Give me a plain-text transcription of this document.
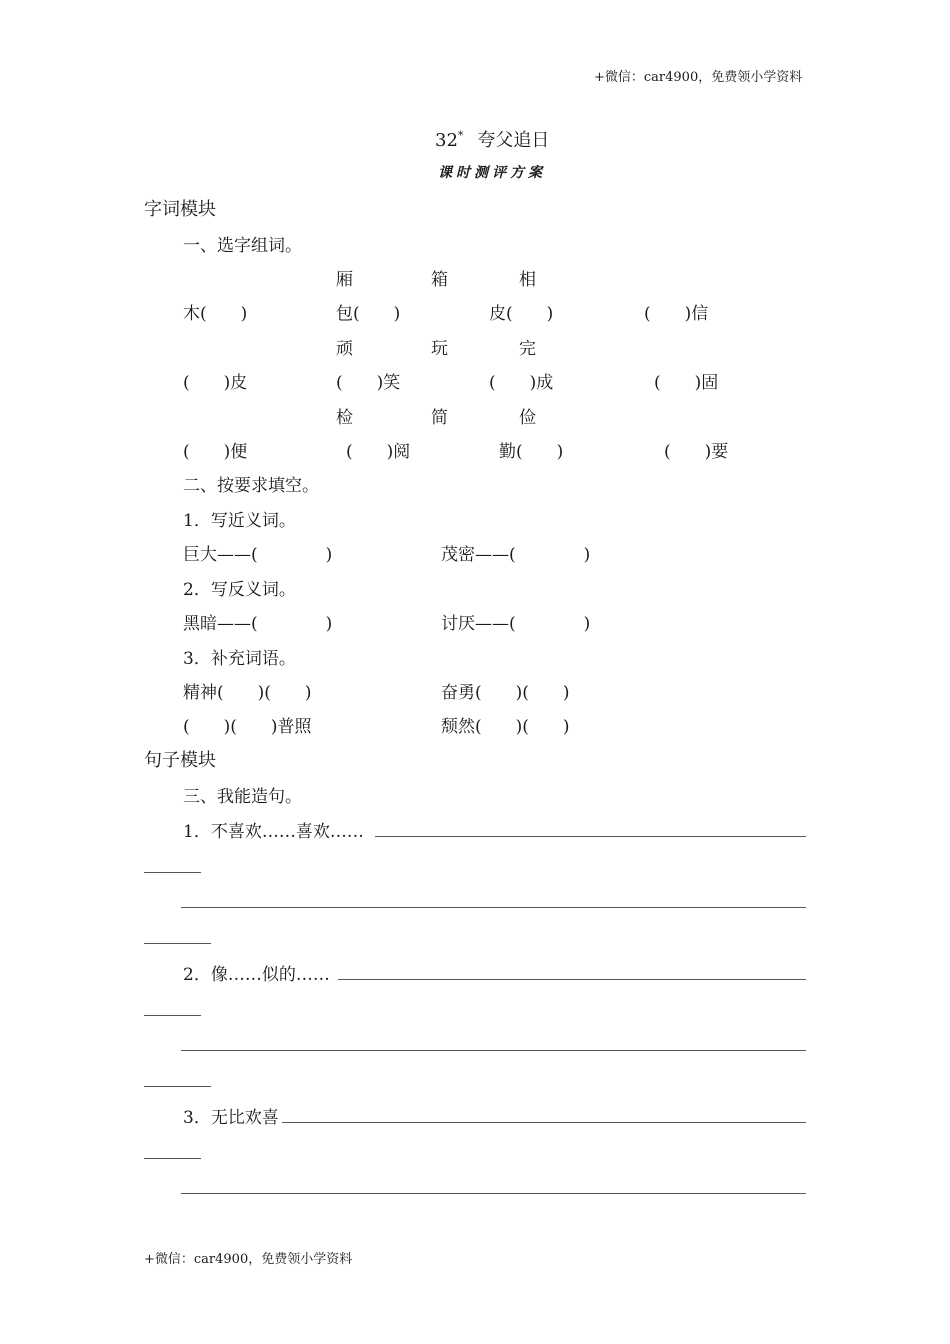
+微信：car4900，免费领小学资料
32* 夸父追日
课时测评方案
字词模块
一、选字组词。
厢	箱	相
木(　　)	包(　　)	皮(　　)	(　　)信
顽	玩	完
(　　)皮	(　　)笑	(　　)成	(　　)固
检	简	俭
(　　)便	(　　)阅	勤(　　)	(　　)要
二、按要求填空。
1．写近义词。
巨大——(　　　　)	茂密——(　　　　)
2．写反义词。
黑暗——(　　　　)	讨厌——(　　　　)
3．补充词语。
精神(　　)(　　)	奋勇(　　)(　　)
(　　)(　　)普照	颓然(　　)(　　)
句子模块
三、我能造句。
1．不喜欢……喜欢……
2．像……似的……
3．无比欢喜
+微信：car4900，免费领小学资料
